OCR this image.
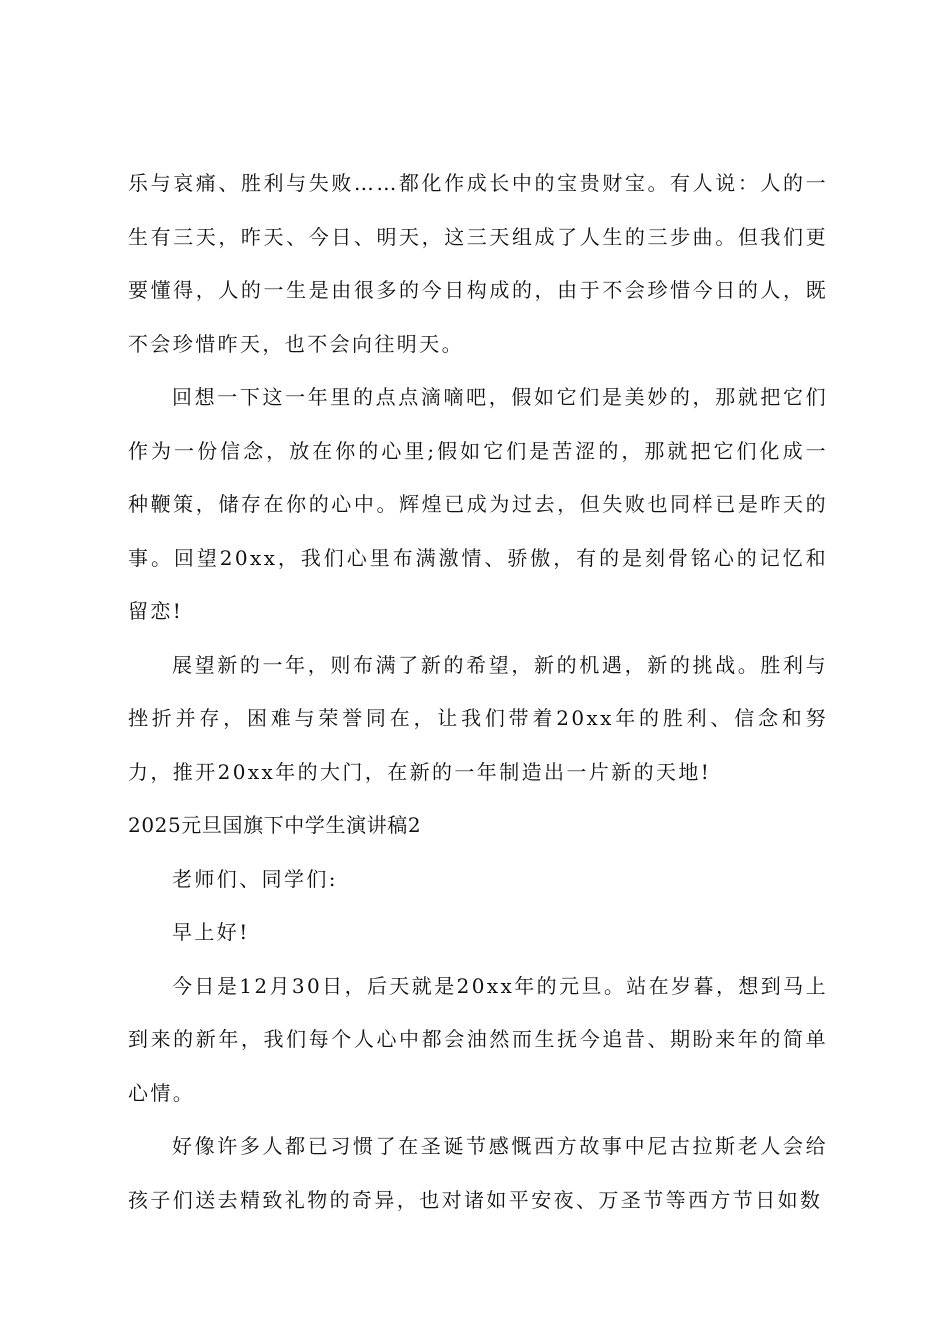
乐与哀痛、胜利与失败……都化作成长中的宝贵财宝。有人说：人的一生有三天，昨天、今日、明天，这三天组成了人生的三步曲。但我们更要懂得，人的一生是由很多的今日构成的，由于不会珍惜今日的人，既不会珍惜昨天，也不会向往明天。

回想一下这一年里的点点滴嘀吧，假如它们是美妙的，那就把它们作为一份信念，放在你的心里;假如它们是苦涩的，那就把它们化成一种鞭策，储存在你的心中。辉煌已成为过去，但失败也同样已是昨天的事。回望20xx，我们心里布满激情、骄傲，有的是刻骨铭心的记忆和留恋!

展望新的一年，则布满了新的希望，新的机遇，新的挑战。胜利与挫折并存，困难与荣誉同在，让我们带着20xx年的胜利、信念和努力，推开20xx年的大门，在新的一年制造出一片新的天地!

2025元旦国旗下中学生演讲稿2

老师们、同学们:

早上好!

今日是12月30日，后天就是20xx年的元旦。站在岁暮，想到马上到来的新年，我们每个人心中都会油然而生抚今追昔、期盼来年的简单心情。

好像许多人都已习惯了在圣诞节感慨西方故事中尼古拉斯老人会给孩子们送去精致礼物的奇异，也对诸如平安夜、万圣节等西方节日如数
